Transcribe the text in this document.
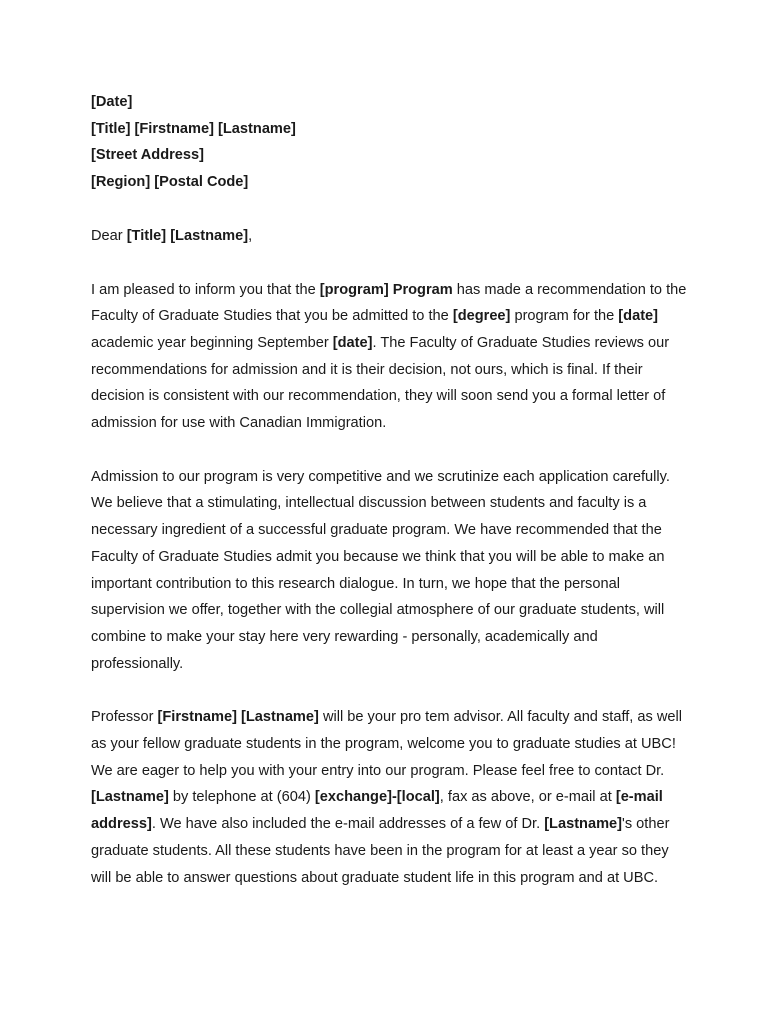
[Date]

[Title] [Firstname] [Lastname]

[Street Address]

[Region] [Postal Code]

Dear [Title] [Lastname],

I am pleased to inform you that the [program] Program has made a recommendation to the Faculty of Graduate Studies that you be admitted to the [degree] program for the [date] academic year beginning September [date]. The Faculty of Graduate Studies reviews our recommendations for admission and it is their decision, not ours, which is final. If their decision is consistent with our recommendation, they will soon send you a formal letter of admission for use with Canadian Immigration.

Admission to our program is very competitive and we scrutinize each application carefully. We believe that a stimulating, intellectual discussion between students and faculty is a necessary ingredient of a successful graduate program. We have recommended that the Faculty of Graduate Studies admit you because we think that you will be able to make an important contribution to this research dialogue. In turn, we hope that the personal supervision we offer, together with the collegial atmosphere of our graduate students, will combine to make your stay here very rewarding - personally, academically and professionally.

Professor [Firstname] [Lastname] will be your pro tem advisor. All faculty and staff, as well as your fellow graduate students in the program, welcome you to graduate studies at UBC! We are eager to help you with your entry into our program. Please feel free to contact Dr. [Lastname] by telephone at (604) [exchange]-[local], fax as above, or e-mail at [e-mail address]. We have also included the e-mail addresses of a few of Dr. [Lastname]'s other graduate students. All these students have been in the program for at least a year so they will be able to answer questions about graduate student life in this program and at UBC.
